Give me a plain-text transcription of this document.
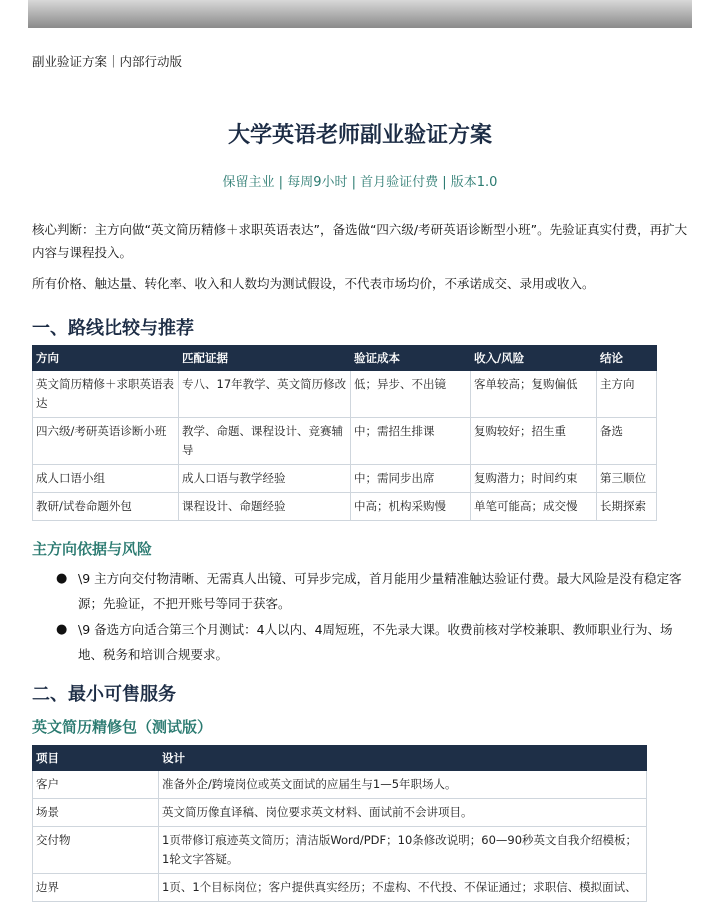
副业验证方案｜内部行动版
大学英语老师副业验证方案
保留主业 | 每周9小时 | 首月验证付费 | 版本1.0
核心判断：主方向做“英文简历精修＋求职英语表达”，备选做“四六级/考研英语诊断型小班”。先验证真实付费，再扩大内容与课程投入。
所有价格、触达量、转化率、收入和人数均为测试假设，不代表市场均价，不承诺成交、录用或收入。
一、路线比较与推荐
方向	匹配证据	验证成本	收入/风险	结论
英文简历精修＋求职英语表达	专八、17年教学、英文简历修改	低；异步、不出镜	客单较高；复购偏低	主方向
四六级/考研英语诊断小班	教学、命题、课程设计、竞赛辅导	中；需招生排课	复购较好；招生重	备选
成人口语小组	成人口语与教学经验	中；需同步出席	复购潜力；时间约束	第三顺位
教研/试卷命题外包	课程设计、命题经验	中高；机构采购慢	单笔可能高；成交慢	长期探索
主方向依据与风险
● \9 主方向交付物清晰、无需真人出镜、可异步完成，首月能用少量精准触达验证付费。最大风险是没有稳定客源；先验证，不把开账号等同于获客。
● \9 备选方向适合第三个月测试：4人以内、4周短班，不先录大课。收费前核对学校兼职、教师职业行为、场地、税务和培训合规要求。
二、最小可售服务
英文简历精修包（测试版）
项目	设计
客户	准备外企/跨境岗位或英文面试的应届生与1—5年职场人。
场景	英文简历像直译稿、岗位要求英文材料、面试前不会讲项目。
交付物	1页带修订痕迹英文简历；清洁版Word/PDF；10条修改说明；60—90秒英文自我介绍模板；1轮文字答疑。
边界	1页、1个目标岗位；客户提供真实经历；不虚构、不代投、不保证通过；求职信、模拟面试、
